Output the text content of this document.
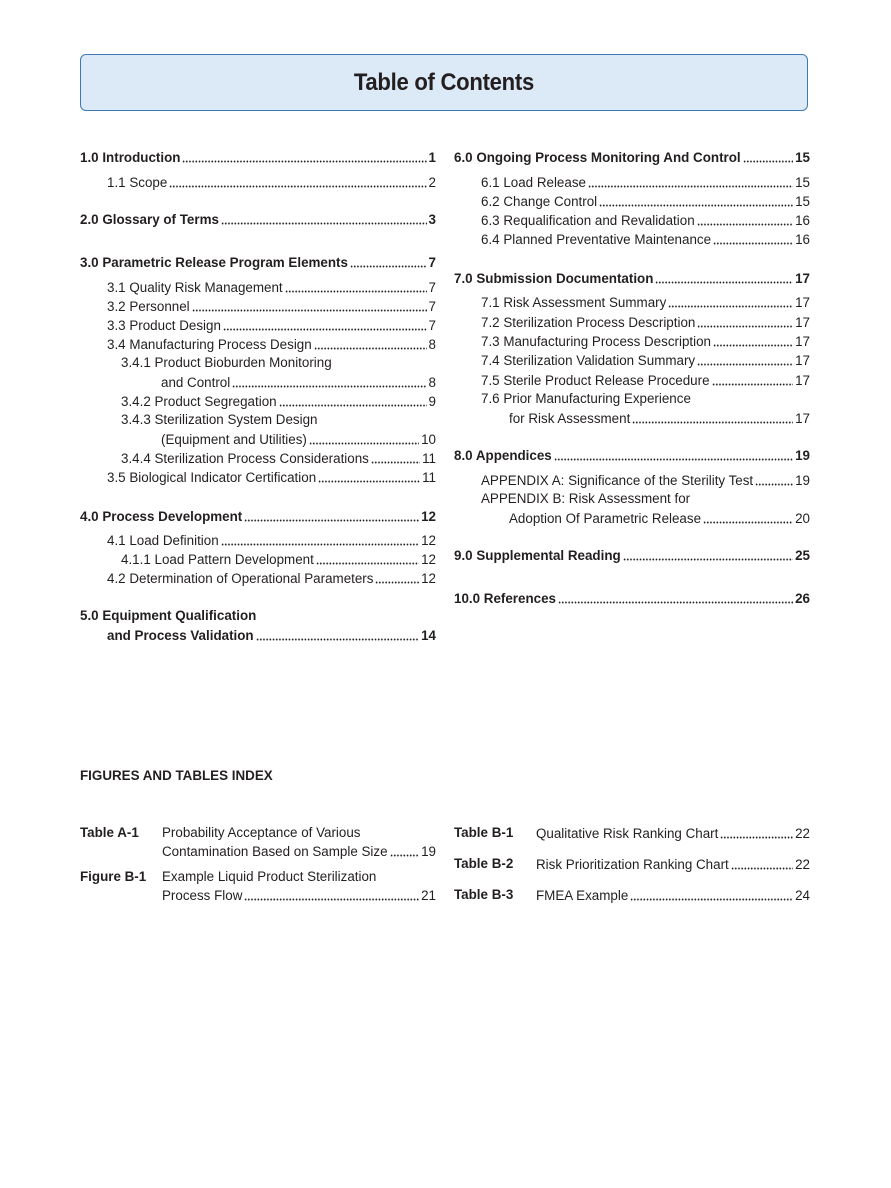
Table of Contents
1.0 Introduction	1
1.1 Scope	2
2.0 Glossary of Terms	3
3.0 Parametric Release Program Elements	7
3.1 Quality Risk Management	7
3.2 Personnel	7
3.3 Product Design	7
3.4 Manufacturing Process Design	8
3.4.1 Product Bioburden Monitoring
and Control	8
3.4.2 Product Segregation	9
3.4.3 Sterilization System Design
(Equipment and Utilities)	10
3.4.4 Sterilization Process Considerations	11
3.5 Biological Indicator Certification	11
4.0 Process Development	12
4.1 Load Definition	12
4.1.1 Load Pattern Development	12
4.2 Determination of Operational Parameters	12
5.0 Equipment Qualification
and Process Validation	14
6.0 Ongoing Process Monitoring And Control	15
6.1 Load Release	15
6.2 Change Control	15
6.3 Requalification and Revalidation	16
6.4 Planned Preventative Maintenance	16
7.0 Submission Documentation	17
7.1 Risk Assessment Summary	17
7.2 Sterilization Process Description	17
7.3 Manufacturing Process Description	17
7.4 Sterilization Validation Summary	17
7.5 Sterile Product Release Procedure	17
7.6 Prior Manufacturing Experience
for Risk Assessment	17
8.0 Appendices	19
APPENDIX A: Significance of the Sterility Test	19
APPENDIX B: Risk Assessment for
Adoption Of Parametric Release	20
9.0 Supplemental Reading	25
10.0 References	26
FIGURES AND TABLES INDEX
Table A-1 Probability Acceptance of Various
Contamination Based on Sample Size	19
Figure B-1 Example Liquid Product Sterilization
Process Flow	21
Table B-1 Qualitative Risk Ranking Chart	22
Table B-2 Risk Prioritization Ranking Chart	22
Table B-3 FMEA Example	24
